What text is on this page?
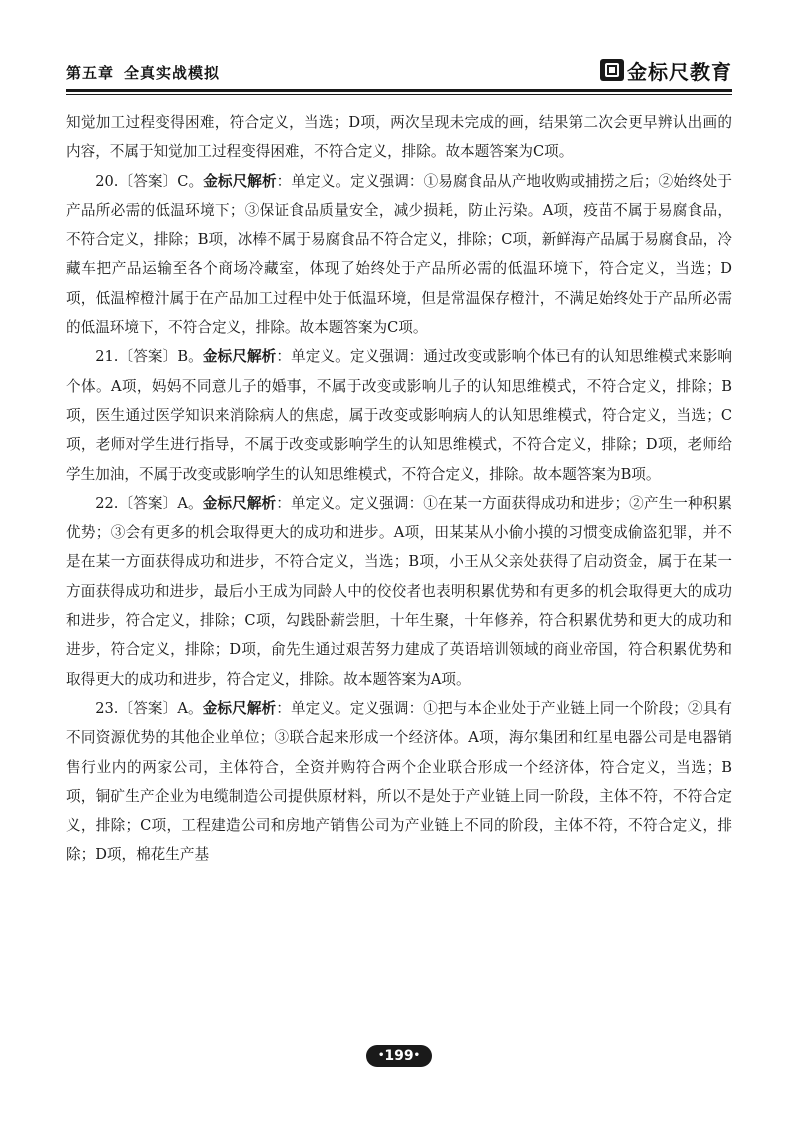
第五章 全真实战模拟	金标尺教育

知觉加工过程变得困难，符合定义，当选；D项，两次呈现未完成的画，结果第二次会更早辨认出画的内容，不属于知觉加工过程变得困难，不符合定义，排除。故本题答案为C项。

20.〔答案〕C。金标尺解析：单定义。定义强调：①易腐食品从产地收购或捕捞之后；②始终处于产品所必需的低温环境下；③保证食品质量安全，减少损耗，防止污染。A项，疫苗不属于易腐食品，不符合定义，排除；B项，冰棒不属于易腐食品不符合定义，排除；C项，新鲜海产品属于易腐食品，冷藏车把产品运输至各个商场冷藏室，体现了始终处于产品所必需的低温环境下，符合定义，当选；D项，低温榨橙汁属于在产品加工过程中处于低温环境，但是常温保存橙汁，不满足始终处于产品所必需的低温环境下，不符合定义，排除。故本题答案为C项。

21.〔答案〕B。金标尺解析：单定义。定义强调：通过改变或影响个体已有的认知思维模式来影响个体。A项，妈妈不同意儿子的婚事，不属于改变或影响儿子的认知思维模式，不符合定义，排除；B项，医生通过医学知识来消除病人的焦虑，属于改变或影响病人的认知思维模式，符合定义，当选；C项，老师对学生进行指导，不属于改变或影响学生的认知思维模式，不符合定义，排除；D项，老师给学生加油，不属于改变或影响学生的认知思维模式，不符合定义，排除。故本题答案为B项。

22.〔答案〕A。金标尺解析：单定义。定义强调：①在某一方面获得成功和进步；②产生一种积累优势；③会有更多的机会取得更大的成功和进步。A项，田某某从小偷小摸的习惯变成偷盗犯罪，并不是在某一方面获得成功和进步，不符合定义，当选；B项，小王从父亲处获得了启动资金，属于在某一方面获得成功和进步，最后小王成为同龄人中的佼佼者也表明积累优势和有更多的机会取得更大的成功和进步，符合定义，排除；C项，勾践卧薪尝胆，十年生聚，十年修养，符合积累优势和更大的成功和进步，符合定义，排除；D项，俞先生通过艰苦努力建成了英语培训领域的商业帝国，符合积累优势和取得更大的成功和进步，符合定义，排除。故本题答案为A项。

23.〔答案〕A。金标尺解析：单定义。定义强调：①把与本企业处于产业链上同一个阶段；②具有不同资源优势的其他企业单位；③联合起来形成一个经济体。A项，海尔集团和红星电器公司是电器销售行业内的两家公司，主体符合，全资并购符合两个企业联合形成一个经济体，符合定义，当选；B项，铜矿生产企业为电缆制造公司提供原材料，所以不是处于产业链上同一阶段，主体不符，不符合定义，排除；C项，工程建造公司和房地产销售公司为产业链上不同的阶段，主体不符，不符合定义，排除；D项，棉花生产基

•199•
